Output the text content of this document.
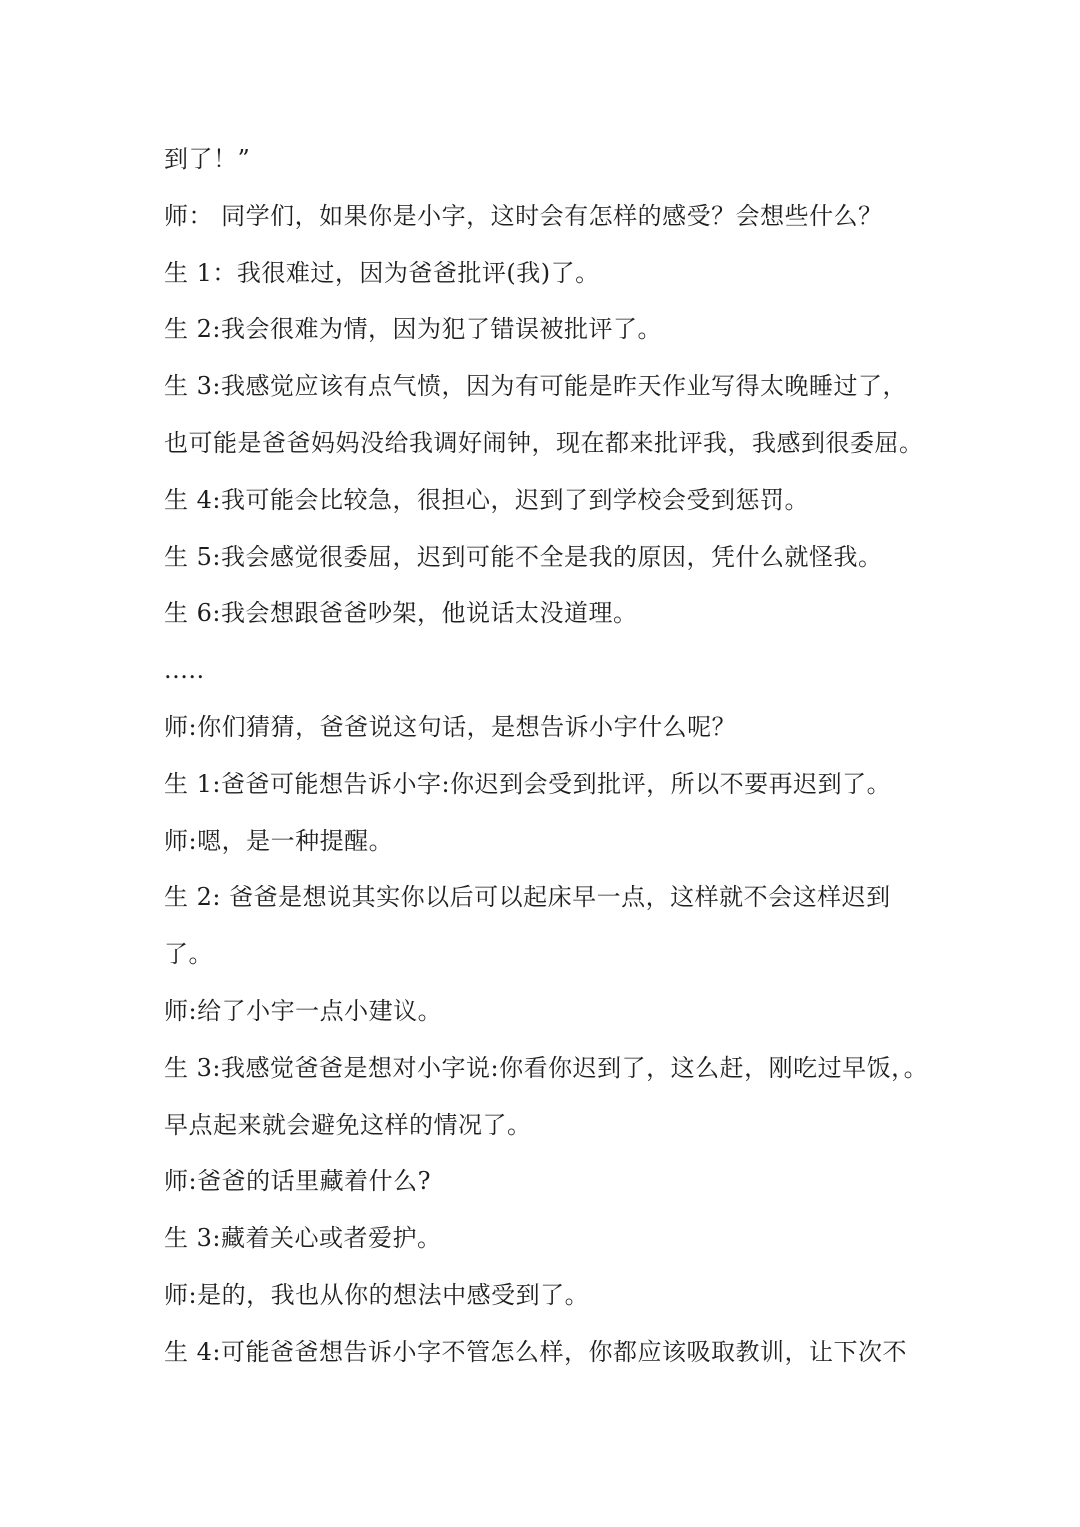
到了！”
师： 同学们，如果你是小字，这时会有怎样的感受？会想些什么？
生 1：我很难过，因为爸爸批评(我)了。
生 2:我会很难为情，因为犯了错误被批评了。
生 3:我感觉应该有点气愤，因为有可能是昨天作业写得太晚睡过了，
也可能是爸爸妈妈没给我调好闹钟，现在都来批评我，我感到很委屈。
生 4:我可能会比较急，很担心，迟到了到学校会受到惩罚。
生 5:我会感觉很委屈，迟到可能不全是我的原因，凭什么就怪我。
生 6:我会想跟爸爸吵架，他说话太没道理。
.....
师:你们猜猜，爸爸说这句话，是想告诉小宇什么呢？
生 1:爸爸可能想告诉小字:你迟到会受到批评，所以不要再迟到了。
师:嗯，是一种提醒。
生 2: 爸爸是想说其实你以后可以起床早一点，这样就不会这样迟到
了。
师:给了小宇一点小建议。
生 3:我感觉爸爸是想对小字说:你看你迟到了，这么赶，刚吃过早饭，。
早点起来就会避免这样的情况了。
师:爸爸的话里藏着什么?
生 3:藏着关心或者爱护。
师:是的，我也从你的想法中感受到了。
生 4:可能爸爸想告诉小字不管怎么样，你都应该吸取教训，让下次不
